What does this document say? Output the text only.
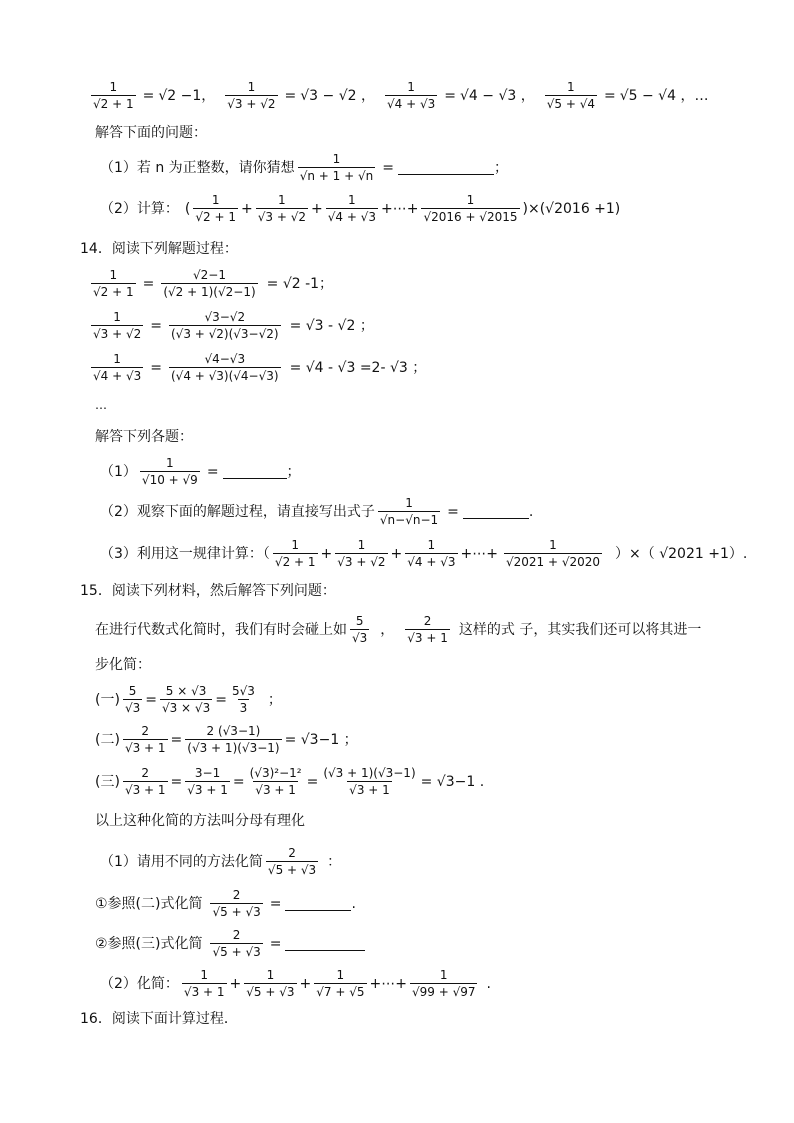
$\frac{1}{√2 + 1} = √2 -1$， $\frac{1}{√3 + √2} = √3 - √2$ ， $\frac{1}{√4 + √3} = √4 - √3$ ， $\frac{1}{√5 + √4} = √5 - √4$ ，…
解答下面的问题：
（1）若 n 为正整数，请你猜想 $\frac{1}{√n + 1 + √n}$ =	；
（2）计算： ( $\frac{1}{√2 + 1} + \frac{1}{√3 + √2} + \frac{1}{√4 + √3}$ +⋯+ $\frac{1}{√2016 + √2015}$ ) × ( √2016 +1)
14．阅读下列解题过程：
$\frac{1}{√2 + 1} = \frac{√2-1}{(√2 + 1)(√2-1)} = √2$ -1；
$\frac{1}{√3 + √2} = \frac{√3-√2}{(√3 + √2)(√3-√2)} = √3 - √2$ ；
$\frac{1}{√4 + √3} = \frac{√4-√3}{(√4 + √3)(√4-√3)} = √4 - √3 =2-$ √3 ；
…
解答下列各题：
$(1) \frac{1}{√10 + √9}$ =	；
（2）观察下面的解题过程，请直接写出式子 $\frac{1}{√n-√n-1}$ =	.
（3）利用这一规律计算：（ $\frac{1}{√2 + 1} + \frac{1}{√3 + √2} + \frac{1}{√4 + √3}$ +⋯+ $\frac{1}{√2021 + √2020}$ ）×（ √2021 +1）.
15．阅读下列材料，然后解答下列问题：
在进行代数式化简时，我们有时会碰上如 $\frac{5}{√3}$ ， $\frac{2}{√3 + 1}$ 这样的式 子，其实我们还可以将其进一
步化简：
(一) $\frac{5}{√3} = \frac{5 \times √3}{√3 \times √3} = \frac{5√3}{3}$ ；
(二) $\frac{2}{√3 + 1} = \frac{2 (√3-1)}{(√3 + 1)(√3-1)} = √3-1$ ；
(三) $\frac{2}{√3 + 1} = \frac{3-1}{√3 + 1} = \frac{\text{(√3)²−1²}}{√3 + 1} = \frac{(√3 + 1)(√3-1)}{√3 + 1} = √3-1$ .
以上这种化简的方法叫分母有理化
（1）请用不同的方法化简 $\frac{2}{√5 + √3}$ ：
①参照(二)式化简 $\frac{2}{√5 + √3}$ =	.
②参照(三)式化简 $\frac{2}{√5 + √3}$ =
（2）化简： $\frac{1}{√3 + 1} + \frac{1}{√5 + √3} + \frac{1}{√7 + √5}$ +⋯+ $\frac{1}{√99 + √97}$ .
16．阅读下面计算过程．
